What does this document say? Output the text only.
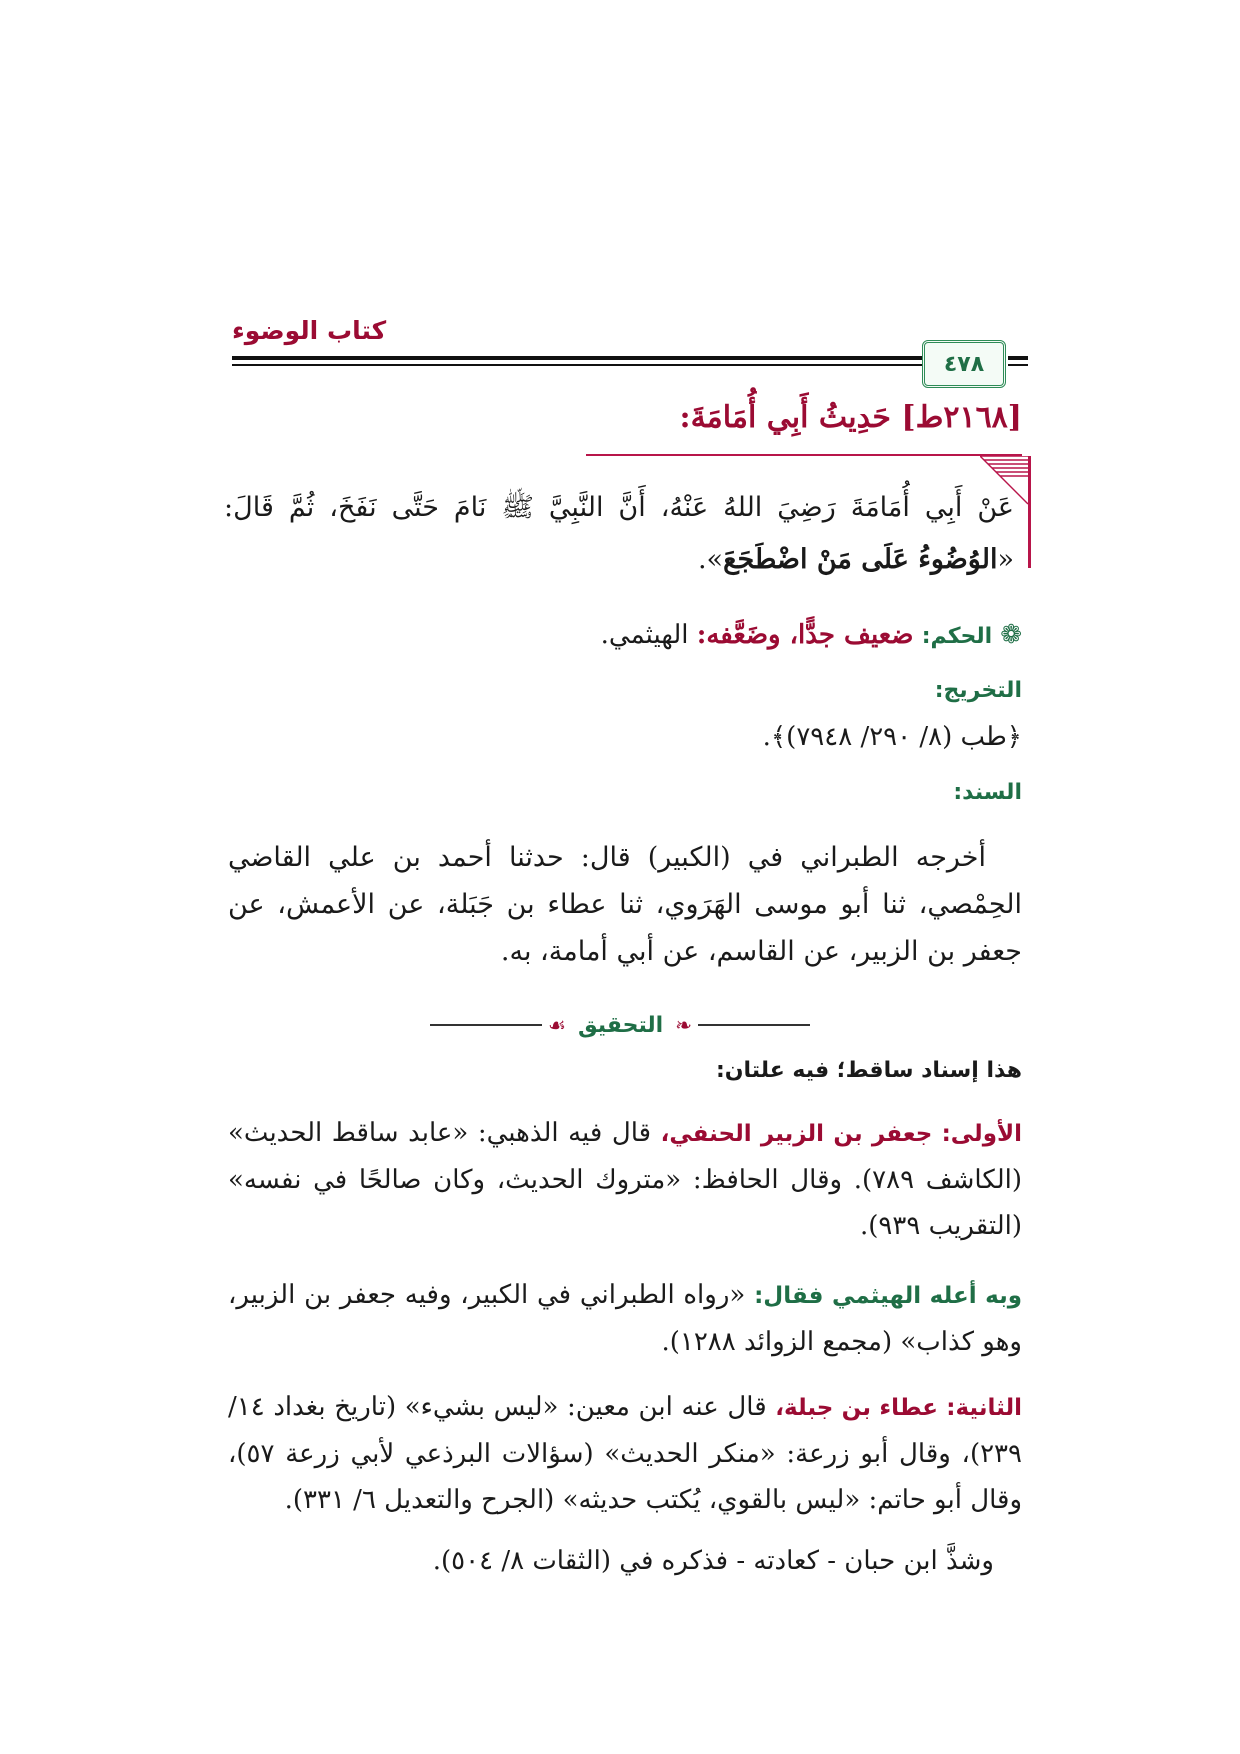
كتاب الوضوء
٤٧٨
[٢١٦٨ط] حَدِيثُ أَبِي أُمَامَةَ:
عَنْ أَبِي أُمَامَةَ رَضِيَ اللهُ عَنْهُ، أَنَّ النَّبِيَّ ﷺ نَامَ حَتَّى نَفَخَ، ثُمَّ قَالَ: «الوُضُوءُ عَلَى مَنْ اضْطَجَعَ».
❁الحكم: ضعيف جدًّا، وضَعَّفه: الهيثمي.
التخريج:
﴿طب (٨/ ٢٩٠/ ٧٩٤٨)﴾.
السند:
أخرجه الطبراني في (الكبير) قال: حدثنا أحمد بن علي القاضي الحِمْصي، ثنا أبو موسى الهَرَوي، ثنا عطاء بن جَبَلة، عن الأعمش، عن جعفر بن الزبير، عن القاسم، عن أبي أمامة، به.
❧
التحقيق
☙
هذا إسناد ساقط؛ فيه علتان:
الأولى: جعفر بن الزبير الحنفي، قال فيه الذهبي: «عابد ساقط الحديث» (الكاشف ٧٨٩). وقال الحافظ: «متروك الحديث، وكان صالحًا في نفسه» (التقريب ٩٣٩).
وبه أعله الهيثمي فقال: «رواه الطبراني في الكبير، وفيه جعفر بن الزبير، وهو كذاب» (مجمع الزوائد ١٢٨٨).
الثانية: عطاء بن جبلة، قال عنه ابن معين: «ليس بشيء» (تاريخ بغداد ١٤/ ٢٣٩)، وقال أبو زرعة: «منكر الحديث» (سؤالات البرذعي لأبي زرعة ٥٧)، وقال أبو حاتم: «ليس بالقوي، يُكتب حديثه» (الجرح والتعديل ٦/ ٣٣١).
وشذَّ ابن حبان - كعادته - فذكره في (الثقات ٨/ ٥٠٤).
